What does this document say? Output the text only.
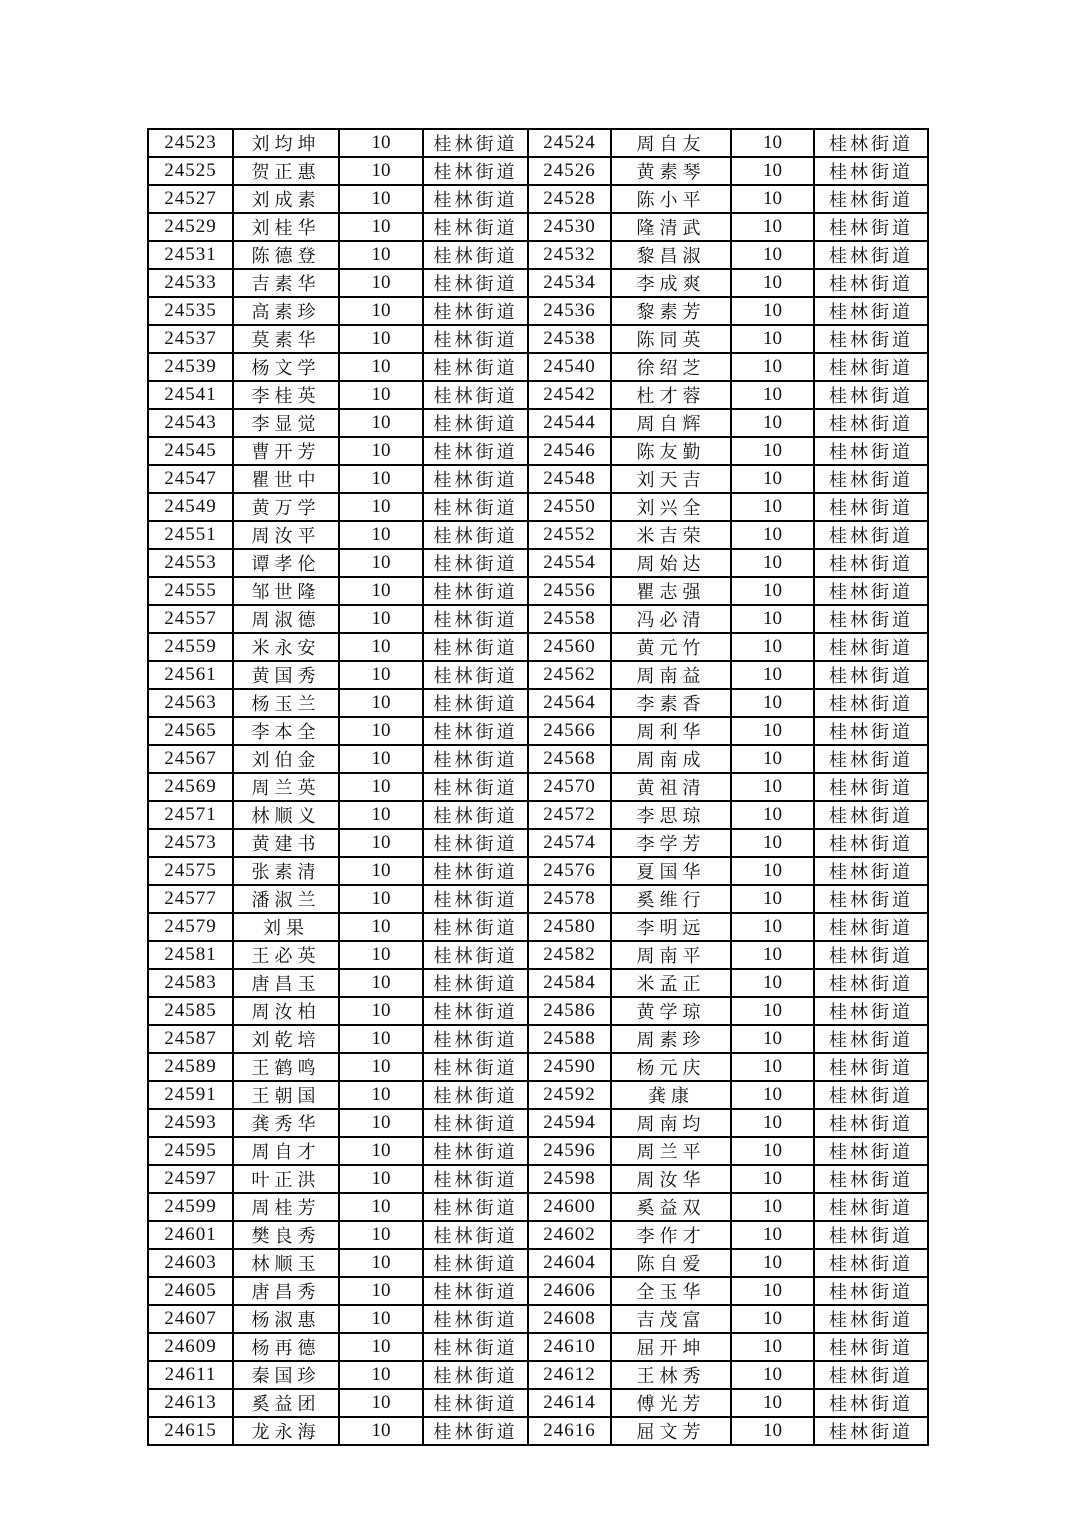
24523	刘均坤	10	桂林街道	24524	周自友	10	桂林街道
24525	贺正惠	10	桂林街道	24526	黄素琴	10	桂林街道
24527	刘成素	10	桂林街道	24528	陈小平	10	桂林街道
24529	刘桂华	10	桂林街道	24530	隆清武	10	桂林街道
24531	陈德登	10	桂林街道	24532	黎昌淑	10	桂林街道
24533	吉素华	10	桂林街道	24534	李成爽	10	桂林街道
24535	高素珍	10	桂林街道	24536	黎素芳	10	桂林街道
24537	莫素华	10	桂林街道	24538	陈同英	10	桂林街道
24539	杨文学	10	桂林街道	24540	徐绍芝	10	桂林街道
24541	李桂英	10	桂林街道	24542	杜才蓉	10	桂林街道
24543	李显觉	10	桂林街道	24544	周自辉	10	桂林街道
24545	曹开芳	10	桂林街道	24546	陈友勤	10	桂林街道
24547	瞿世中	10	桂林街道	24548	刘天吉	10	桂林街道
24549	黄万学	10	桂林街道	24550	刘兴全	10	桂林街道
24551	周汝平	10	桂林街道	24552	米吉荣	10	桂林街道
24553	谭孝伦	10	桂林街道	24554	周始达	10	桂林街道
24555	邹世隆	10	桂林街道	24556	瞿志强	10	桂林街道
24557	周淑德	10	桂林街道	24558	冯必清	10	桂林街道
24559	米永安	10	桂林街道	24560	黄元竹	10	桂林街道
24561	黄国秀	10	桂林街道	24562	周南益	10	桂林街道
24563	杨玉兰	10	桂林街道	24564	李素香	10	桂林街道
24565	李本全	10	桂林街道	24566	周利华	10	桂林街道
24567	刘伯金	10	桂林街道	24568	周南成	10	桂林街道
24569	周兰英	10	桂林街道	24570	黄祖清	10	桂林街道
24571	林顺义	10	桂林街道	24572	李思琼	10	桂林街道
24573	黄建书	10	桂林街道	24574	李学芳	10	桂林街道
24575	张素清	10	桂林街道	24576	夏国华	10	桂林街道
24577	潘淑兰	10	桂林街道	24578	奚维行	10	桂林街道
24579	刘果	10	桂林街道	24580	李明远	10	桂林街道
24581	王必英	10	桂林街道	24582	周南平	10	桂林街道
24583	唐昌玉	10	桂林街道	24584	米孟正	10	桂林街道
24585	周汝柏	10	桂林街道	24586	黄学琼	10	桂林街道
24587	刘乾培	10	桂林街道	24588	周素珍	10	桂林街道
24589	王鹤鸣	10	桂林街道	24590	杨元庆	10	桂林街道
24591	王朝国	10	桂林街道	24592	龚康	10	桂林街道
24593	龚秀华	10	桂林街道	24594	周南均	10	桂林街道
24595	周自才	10	桂林街道	24596	周兰平	10	桂林街道
24597	叶正洪	10	桂林街道	24598	周汝华	10	桂林街道
24599	周桂芳	10	桂林街道	24600	奚益双	10	桂林街道
24601	樊良秀	10	桂林街道	24602	李作才	10	桂林街道
24603	林顺玉	10	桂林街道	24604	陈自爱	10	桂林街道
24605	唐昌秀	10	桂林街道	24606	全玉华	10	桂林街道
24607	杨淑惠	10	桂林街道	24608	吉茂富	10	桂林街道
24609	杨再德	10	桂林街道	24610	屈开坤	10	桂林街道
24611	秦国珍	10	桂林街道	24612	王林秀	10	桂林街道
24613	奚益团	10	桂林街道	24614	傅光芳	10	桂林街道
24615	龙永海	10	桂林街道	24616	屈文芳	10	桂林街道
